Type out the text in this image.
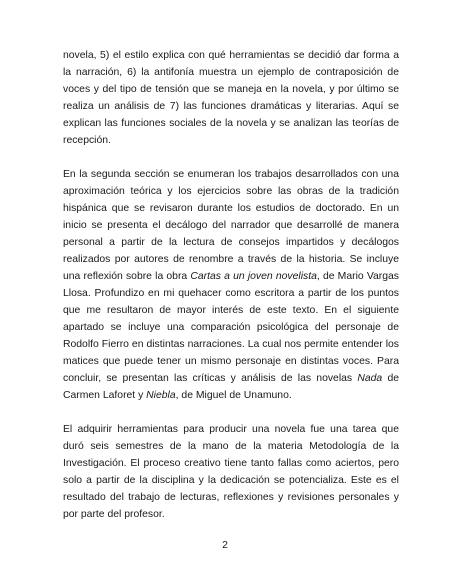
novela, 5) el estilo explica con qué herramientas se decidió dar forma a la narración, 6) la antifonía muestra un ejemplo de contraposición de voces y del tipo de tensión que se maneja en la novela, y por último se realiza un análisis de 7) las funciones dramáticas y literarias. Aquí se explican las funciones sociales de la novela y se analizan las teorías de recepción.

En la segunda sección se enumeran los trabajos desarrollados con una aproximación teórica y los ejercicios sobre las obras de la tradición hispánica que se revisaron durante los estudios de doctorado. En un inicio se presenta el decálogo del narrador que desarrollé de manera personal a partir de la lectura de consejos impartidos y decálogos realizados por autores de renombre a través de la historia. Se incluye una reflexión sobre la obra Cartas a un joven novelista, de Mario Vargas Llosa. Profundizo en mi quehacer como escritora a partir de los puntos que me resultaron de mayor interés de este texto. En el siguiente apartado se incluye una comparación psicológica del personaje de Rodolfo Fierro en distintas narraciones. La cual nos permite entender los matices que puede tener un mismo personaje en distintas voces. Para concluir, se presentan las críticas y análisis de las novelas Nada de Carmen Laforet y Niebla, de Miguel de Unamuno.

El adquirir herramientas para producir una novela fue una tarea que duró seis semestres de la mano de la materia Metodología de la Investigación. El proceso creativo tiene tanto fallas como aciertos, pero solo a partir de la disciplina y la dedicación se potencializa. Este es el resultado del trabajo de lecturas, reflexiones y revisiones personales y por parte del profesor.

2
